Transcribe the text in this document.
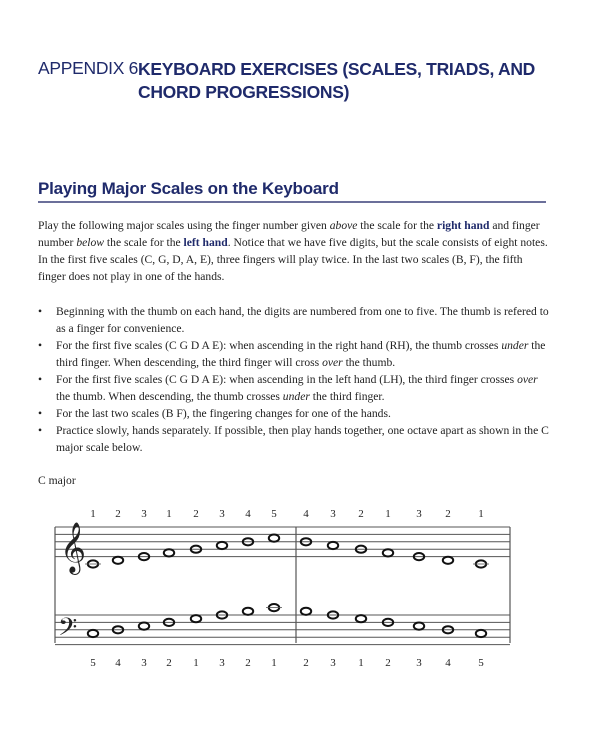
APPENDIX 6 KEYBOARD EXERCISES (SCALES, TRIADS, AND
CHORD PROGRESSIONS)
Playing Major Scales on the Keyboard

Play the following major scales using the finger number given above the scale for the right hand and finger number below the scale for the left hand. Notice that we have five digits, but the scale consists of eight notes. In the first five scales (C, G, D, A, E), three fingers will play twice. In the last two scales (B, F), the fifth finger does not play in one of the hands.

• Beginning with the thumb on each hand, the digits are numbered from one to five. The thumb is refered to as a finger for convenience.
• For the first five scales (C G D A E): when ascending in the right hand (RH), the thumb crosses under the third finger. When descending, the third finger will cross over the thumb.
• For the first five scales (C G D A E): when ascending in the left hand (LH), the third finger crosses over the thumb. When descending, the thumb crosses under the third finger.
• For the last two scales (B F), the fingering changes for one of the hands.
• Practice slowly, hands separately. If possible, then play hands together, one octave apart as shown in the C major scale below.
C major
𝄞
𝄢
1 2 3 1 2 3 4 5 4 3 2 1 3 2	1
5 4 3 2 1 3 2 1 2 3 1 2 3 4	5
